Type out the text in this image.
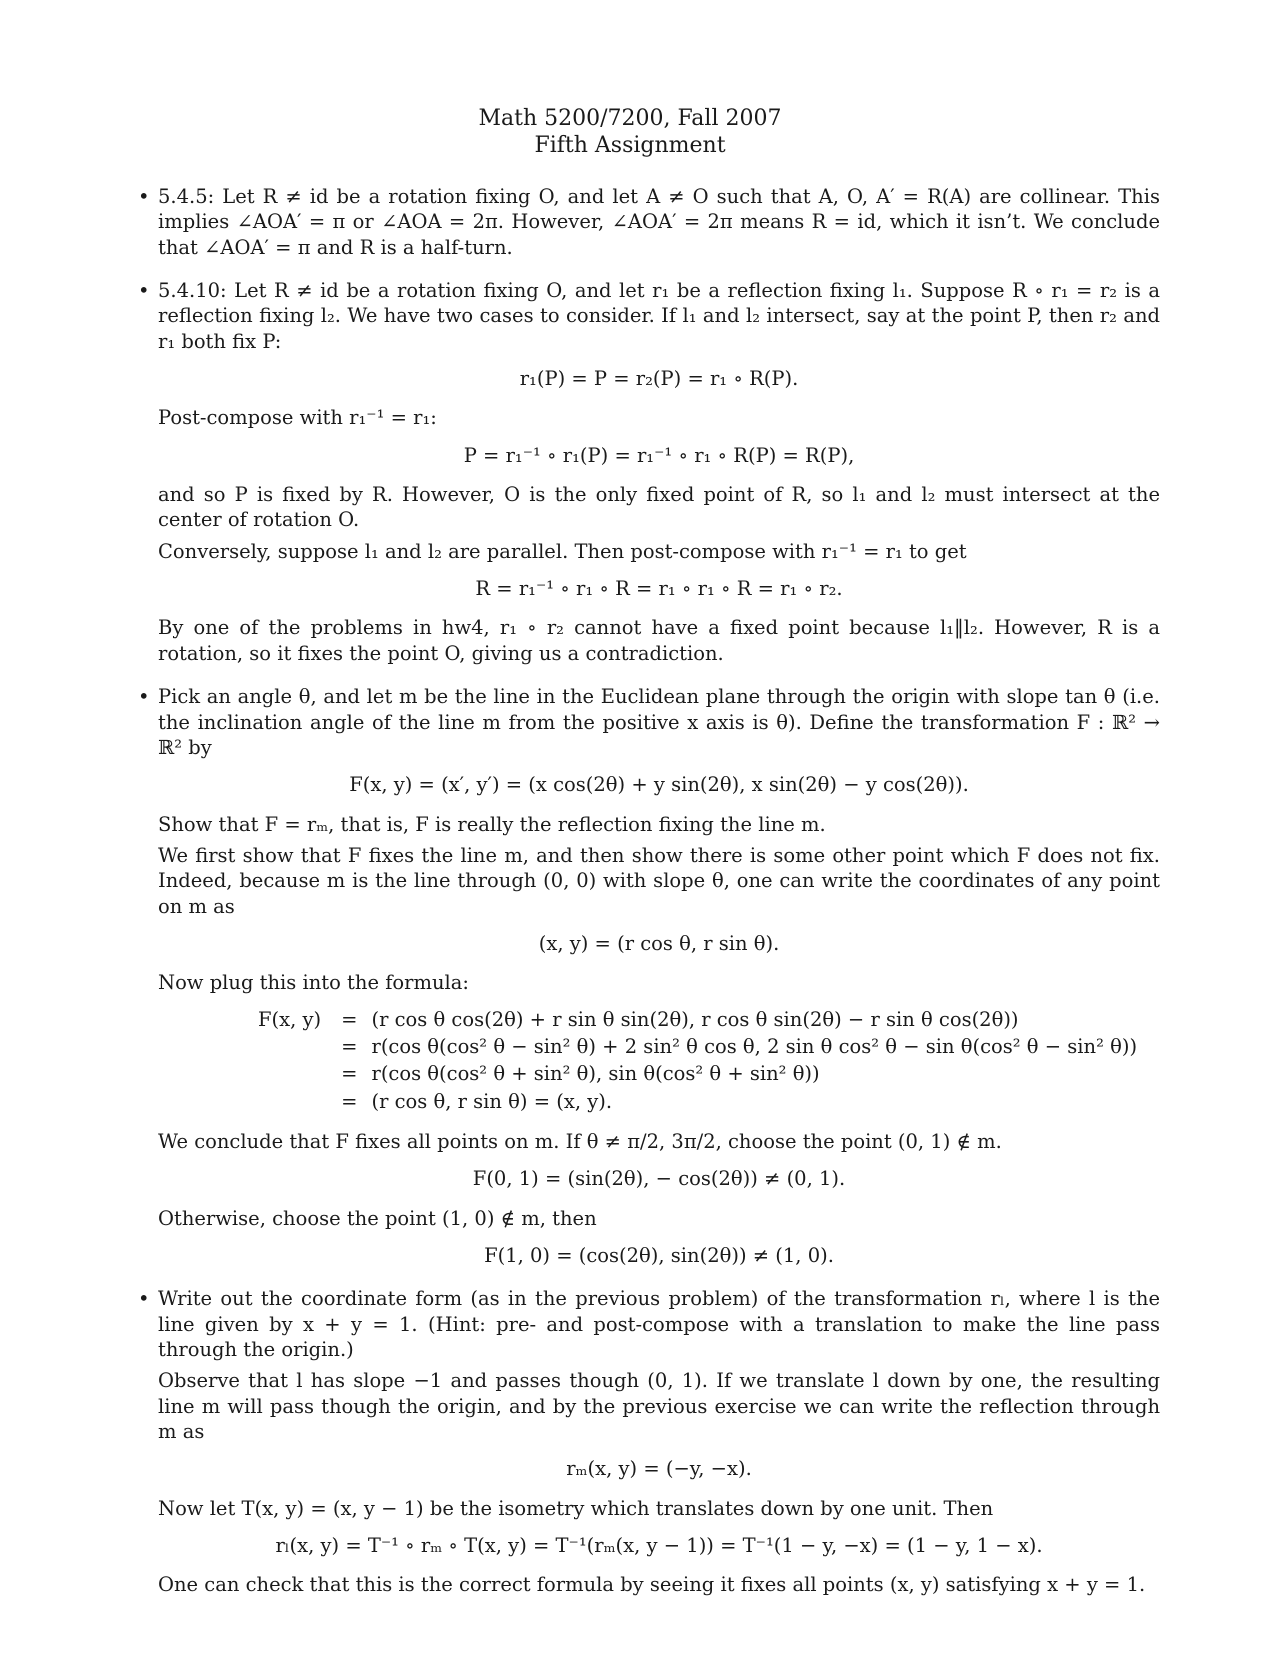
Math 5200/7200, Fall 2007
Fifth Assignment
• 5.4.5: Let R ≠ id be a rotation fixing O, and let A ≠ O such that A, O, A′ = R(A) are collinear. This implies ∠AOA′ = π or ∠AOA = 2π. However, ∠AOA′ = 2π means R = id, which it isn’t. We conclude that ∠AOA′ = π and R is a half-turn.

• 5.4.10: Let R ≠ id be a rotation fixing O, and let r₁ be a reflection fixing l₁. Suppose R ∘ r₁ = r₂ is a reflection fixing l₂. We have two cases to consider. If l₁ and l₂ intersect, say at the point P, then r₂ and r₁ both fix P:

r₁(P) = P = r₂(P) = r₁ ∘ R(P).

Post-compose with r₁⁻¹ = r₁:

P = r₁⁻¹ ∘ r₁(P) = r₁⁻¹ ∘ r₁ ∘ R(P) = R(P),

and so P is fixed by R. However, O is the only fixed point of R, so l₁ and l₂ must intersect at the center of rotation O.

Conversely, suppose l₁ and l₂ are parallel. Then post-compose with r₁⁻¹ = r₁ to get

R = r₁⁻¹ ∘ r₁ ∘ R = r₁ ∘ r₁ ∘ R = r₁ ∘ r₂.

By one of the problems in hw4, r₁ ∘ r₂ cannot have a fixed point because l₁‖l₂. However, R is a rotation, so it fixes the point O, giving us a contradiction.

• Pick an angle θ, and let m be the line in the Euclidean plane through the origin with slope tan θ (i.e. the inclination angle of the line m from the positive x axis is θ). Define the transformation F : ℝ² → ℝ² by

F(x, y) = (x′, y′) = (x cos(2θ) + y sin(2θ), x sin(2θ) − y cos(2θ)).

Show that F = rₘ, that is, F is really the reflection fixing the line m.

We first show that F fixes the line m, and then show there is some other point which F does not fix. Indeed, because m is the line through (0, 0) with slope θ, one can write the coordinates of any point on m as

(x, y) = (r cos θ, r sin θ).

Now plug this into the formula:

F(x, y)	=	(r cos θ cos(2θ) + r sin θ sin(2θ), r cos θ sin(2θ) − r sin θ cos(2θ))
	=	r(cos θ(cos² θ − sin² θ) + 2 sin² θ cos θ, 2 sin θ cos² θ − sin θ(cos² θ − sin² θ))
	=	r(cos θ(cos² θ + sin² θ), sin θ(cos² θ + sin² θ))
	=	(r cos θ, r sin θ) = (x, y).

We conclude that F fixes all points on m. If θ ≠ π/2, 3π/2, choose the point (0, 1) ∉ m.

F(0, 1) = (sin(2θ), − cos(2θ)) ≠ (0, 1).

Otherwise, choose the point (1, 0) ∉ m, then

F(1, 0) = (cos(2θ), sin(2θ)) ≠ (1, 0).
• Write out the coordinate form (as in the previous problem) of the transformation rₗ, where l is the line given by x + y = 1. (Hint: pre- and post-compose with a translation to make the line pass through the origin.)

Observe that l has slope −1 and passes though (0, 1). If we translate l down by one, the resulting line m will pass though the origin, and by the previous exercise we can write the reflection through m as

rₘ(x, y) = (−y, −x).

Now let T(x, y) = (x, y − 1) be the isometry which translates down by one unit. Then

rₗ(x, y) = T⁻¹ ∘ rₘ ∘ T(x, y) = T⁻¹(rₘ(x, y − 1)) = T⁻¹(1 − y, −x) = (1 − y, 1 − x).

One can check that this is the correct formula by seeing it fixes all points (x, y) satisfying x + y = 1.
